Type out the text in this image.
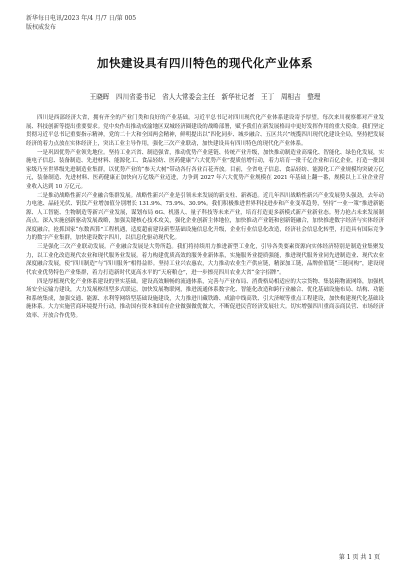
新华每日电讯/2023 年/4 月/7 日/第 005
版权威发布
加快建设具有四川特色的现代化产业体系
王晓晖　四川省委书记　省人大常委会主任　新华社记者　王丁　周相吉　整理

四川是西部经济大省，拥有齐全的产业门类和良好的产业基础。习近平总书记对四川现代化产业体系建设寄予厚望。每次来川视察都对产业发展、科技创新等提出重要要求。党中央作出推动成渝地区双城经济圈建设的战略部署，赋予我们在新发展格局中更好发挥作用的重大使命。我们坚定贯彻习近平总书记重要指示精神，党的二十大和全国两会精神，鲜明提出以“四化同步、城乡融合、五区共兴”统揽四川现代化建设全局，坚持把发展经济的着力点放在实体经济上，突出工业主导作用，强化三次产业联动，加快建设具有四川特色的现代化产业体系。

一是巩固优势产业领先地位。坚持工业兴省、制造强省，推动优势产业延链、传统产业升级，加快推动制造业高端化、智能化、绿色化发展，实施电子信息、装备制造、先进材料、能源化工、食品轻纺、医药健康“六大优势产业”提质倍增行动，着力培育一批千亿企业和百亿企业，打造一批国家级乃至世界级先进制造业集群，以优势产业的“参天大树”带动各行各业百花齐放。目前，全省电子信息、食品轻纺、能源化工产业规模均突破万亿元，装备制造、先进材料、医药健康正加快向万亿级产业迈进，力争到 2027 年六大优势产业规模在 2021 年基础上翻一番，规模以上工业企业营业收入达到 10 万亿元。

二是推动战略性新兴产业融合集群发展。战略性新兴产业是引领未来发展的新支柱、新赛道。近几年四川战略性新兴产业发展势头强劲，去年动力电池、晶硅光伏、钒钛产业增加值分别增长 131.9%、75.9%、30.9%。我们积极推进世界科技进步和产业变革趋势，坚持“一业一策”推进新能源、人工智能、生物制造等新兴产业发展，谋划布局 6G、机器人、量子科技等未来产业，培育打造更多新模式新产业新业态。努力抢占未来发展制高点。深入实施创新驱动发展战略，加强关键核心技术攻关，强化企业创新主体地位，加快推动产业链和创新链融合，加快推进数字经济与实体经济深度融合，抢抓国家“东数西算”工程机遇，适度超前建设新型基础设施信息化升级，企业行业信息化改造，经济社会信息化转型，打造具有国际竞争力的数字产业集群，加快建设数字四川，以信息化驱动现代化。

三是强化三次产业联动发展。产业融合发展是大势所趋。我们将持续用力推进新型工业化，引导各类要素资源向实体经济特别是制造业集聚发力，以工业化改造现代农业和现代服务业发展。着力构建优质高效的服务业新体系，实施服务业提质强能，推进现代服务业同先进制造业、现代农业深度融合发展，使“四川制造”与“四川服务”相得益彰。坚持工业兴农惠农，大力推动农业生产供应链，精深加工链，品牌价值链“三链同构”，建设现代农业优势特色产业集群，着力打造新时代更高水平的“天府粮仓”，进一步擦亮四川农业大省“金字招牌”。

四是厚植现代化产业体系建设的坚实基础。建设高效顺畅的流通体系，完善与产业布局、消费格局相适应的大宗货物、集装箱物流网络，加强机场安全运输力建设，大力发展枢纽型多式联运，加快发展物联网，推进流通体系数字化、智能化改造和跨行业融合、优化基础设施布局、结构、功能和系统集成，加强交通、能源、水利等网络型基础设施建设，大力推进川藏铁路、成渝中线高铁、引大济岷等重点工程建设，加快构建现代化基础设施体系。大力实施营商环境提升行动，推动国有资本和国有企业做强做优做大，不断促进民营经济发展壮大。切实增强四川重商亲商民营、市场经济效率、开放合作优势。

第 1 页 共 1 页
